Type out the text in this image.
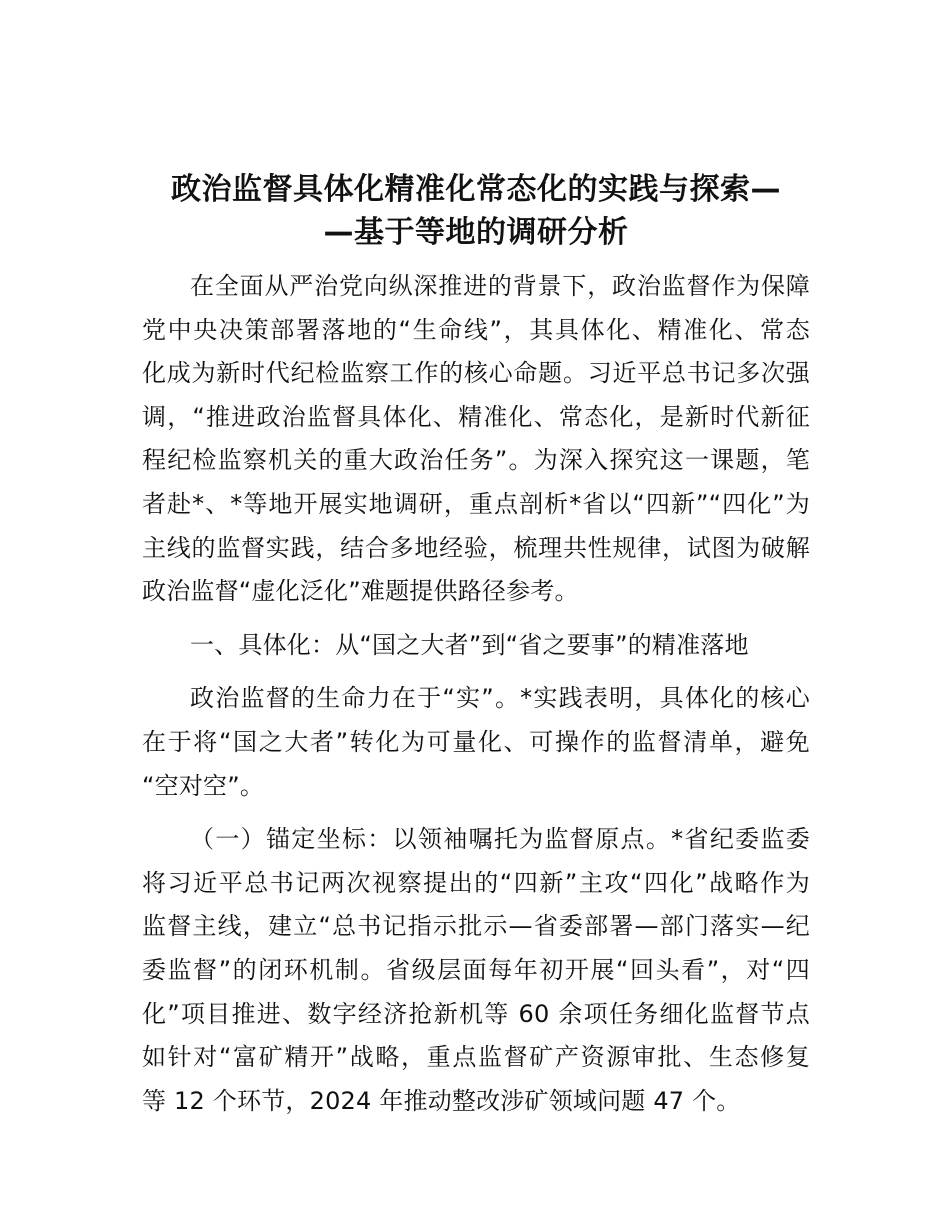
政治监督具体化精准化常态化的实践与探索—
—基于等地的调研分析
在全面从严治党向纵深推进的背景下，政治监督作为保障
党中央决策部署落地的“生命线”，其具体化、精准化、常态
化成为新时代纪检监察工作的核心命题。习近平总书记多次强
调，“推进政治监督具体化、精准化、常态化，是新时代新征
程纪检监察机关的重大政治任务”。为深入探究这一课题，笔
者赴*、*等地开展实地调研，重点剖析*省以“四新”“四化”为
主线的监督实践，结合多地经验，梳理共性规律，试图为破解
政治监督“虚化泛化”难题提供路径参考。
一、具体化：从“国之大者”到“省之要事”的精准落地
政治监督的生命力在于“实”。*实践表明，具体化的核心
在于将“国之大者”转化为可量化、可操作的监督清单，避免
“空对空”。
（一）锚定坐标：以领袖嘱托为监督原点。*省纪委监委
将习近平总书记两次视察提出的“四新”主攻“四化”战略作为
监督主线，建立“总书记指示批示—省委部署—部门落实—纪
委监督”的闭环机制。省级层面每年初开展“回头看”，对“四
化”项目推进、数字经济抢新机等 60 余项任务细化监督节点
如针对“富矿精开”战略，重点监督矿产资源审批、生态修复
等 12 个环节，2024 年推动整改涉矿领域问题 47 个。
